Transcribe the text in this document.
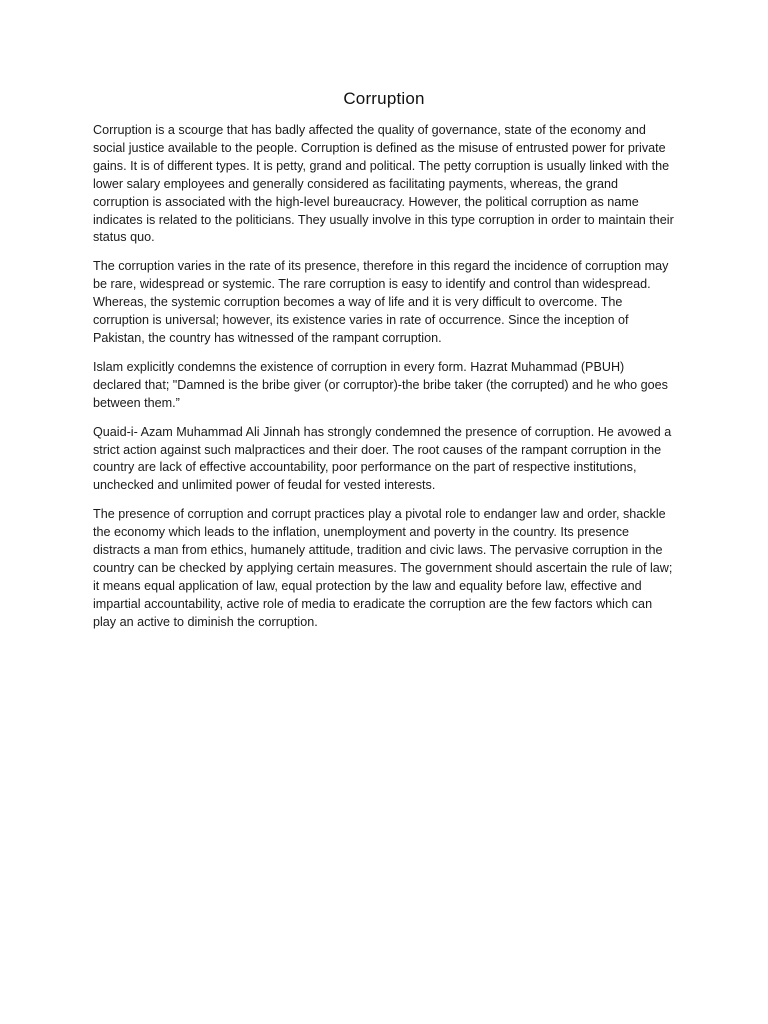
Corruption

Corruption is a scourge that has badly affected the quality of governance, state of the economy and social justice available to the people. Corruption is defined as the misuse of entrusted power for private gains. It is of different types. It is petty, grand and political. The petty corruption is usually linked with the lower salary employees and generally considered as facilitating payments, whereas, the grand corruption is associated with the high-level bureaucracy. However, the political corruption as name indicates is related to the politicians. They usually involve in this type corruption in order to maintain their status quo.

The corruption varies in the rate of its presence, therefore in this regard the incidence of corruption may be rare, widespread or systemic. The rare corruption is easy to identify and control than widespread. Whereas, the systemic corruption becomes a way of life and it is very difficult to overcome. The corruption is universal; however, its existence varies in rate of occurrence. Since the inception of Pakistan, the country has witnessed of the rampant corruption.

Islam explicitly condemns the existence of corruption in every form. Hazrat Muhammad (PBUH) declared that; "Damned is the bribe giver (or corruptor)-the bribe taker (the corrupted) and he who goes between them.”

Quaid-i- Azam Muhammad Ali Jinnah has strongly condemned the presence of corruption. He avowed a strict action against such malpractices and their doer. The root causes of the rampant corruption in the country are lack of effective accountability, poor performance on the part of respective institutions, unchecked and unlimited power of feudal for vested interests.

The presence of corruption and corrupt practices play a pivotal role to endanger law and order, shackle the economy which leads to the inflation, unemployment and poverty in the country. Its presence distracts a man from ethics, humanely attitude, tradition and civic laws. The pervasive corruption in the country can be checked by applying certain measures. The government should ascertain the rule of law; it means equal application of law, equal protection by the law and equality before law, effective and impartial accountability, active role of media to eradicate the corruption are the few factors which can play an active to diminish the corruption.
